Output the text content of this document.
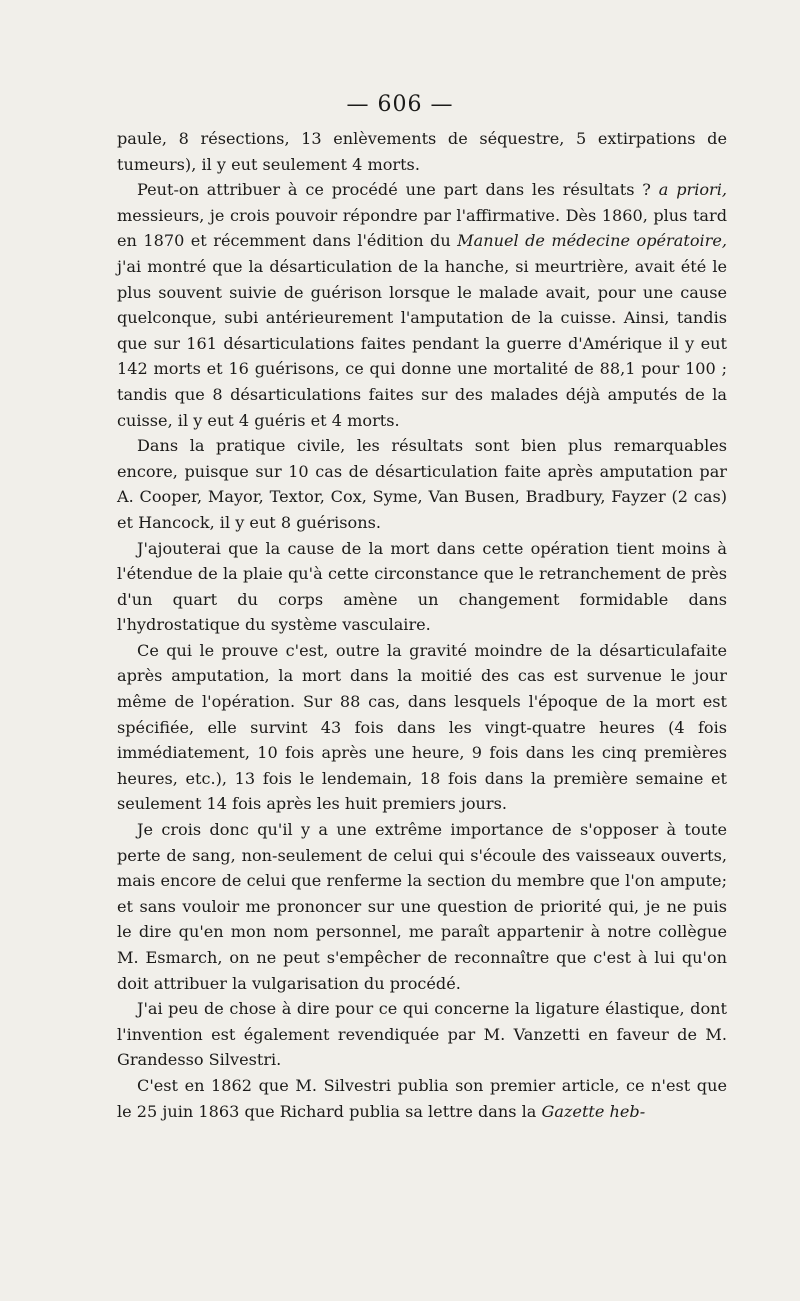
— 606 —

paule, 8 résections, 13 enlèvements de séquestre, 5 extirpations de tumeurs), il y eut seulement 4 morts.

Peut-on attribuer à ce procédé une part dans les résultats ? a priori, messieurs, je crois pouvoir répondre par l'affirmative. Dès 1860, plus tard en 1870 et récemment dans l'édition du Manuel de médecine opératoire, j'ai montré que la désarticulation de la hanche, si meurtrière, avait été le plus souvent suivie de guérison lorsque le malade avait, pour une cause quelconque, subi antérieurement l'amputation de la cuisse. Ainsi, tandis que sur 161 désarticulations faites pendant la guerre d'Amérique il y eut 142 morts et 16 guérisons, ce qui donne une mortalité de 88,1 pour 100 ; tandis que 8 désarticulations faites sur des malades déjà amputés de la cuisse, il y eut 4 guéris et 4 morts.

Dans la pratique civile, les résultats sont bien plus remarquables encore, puisque sur 10 cas de désarticulation faite après amputation par A. Cooper, Mayor, Textor, Cox, Syme, Van Busen, Bradbury, Fayzer (2 cas) et Hancock, il y eut 8 guérisons.

J'ajouterai que la cause de la mort dans cette opération tient moins à l'étendue de la plaie qu'à cette circonstance que le retranchement de près d'un quart du corps amène un changement formidable dans l'hydrostatique du système vasculaire.

Ce qui le prouve c'est, outre la gravité moindre de la désarticulafaite après amputation, la mort dans la moitié des cas est survenue le jour même de l'opération. Sur 88 cas, dans lesquels l'époque de la mort est spécifiée, elle survint 43 fois dans les vingt-quatre heures (4 fois immédiatement, 10 fois après une heure, 9 fois dans les cinq premières heures, etc.), 13 fois le lendemain, 18 fois dans la première semaine et seulement 14 fois après les huit premiers jours.

Je crois donc qu'il y a une extrême importance de s'opposer à toute perte de sang, non-seulement de celui qui s'écoule des vaisseaux ouverts, mais encore de celui que renferme la section du membre que l'on ampute; et sans vouloir me prononcer sur une question de priorité qui, je ne puis le dire qu'en mon nom personnel, me paraît appartenir à notre collègue M. Esmarch, on ne peut s'empêcher de reconnaître que c'est à lui qu'on doit attribuer la vulgarisation du procédé.

J'ai peu de chose à dire pour ce qui concerne la ligature élastique, dont l'invention est également revendiquée par M. Vanzetti en faveur de M. Grandesso Silvestri.

C'est en 1862 que M. Silvestri publia son premier article, ce n'est que le 25 juin 1863 que Richard publia sa lettre dans la Gazette heb-
